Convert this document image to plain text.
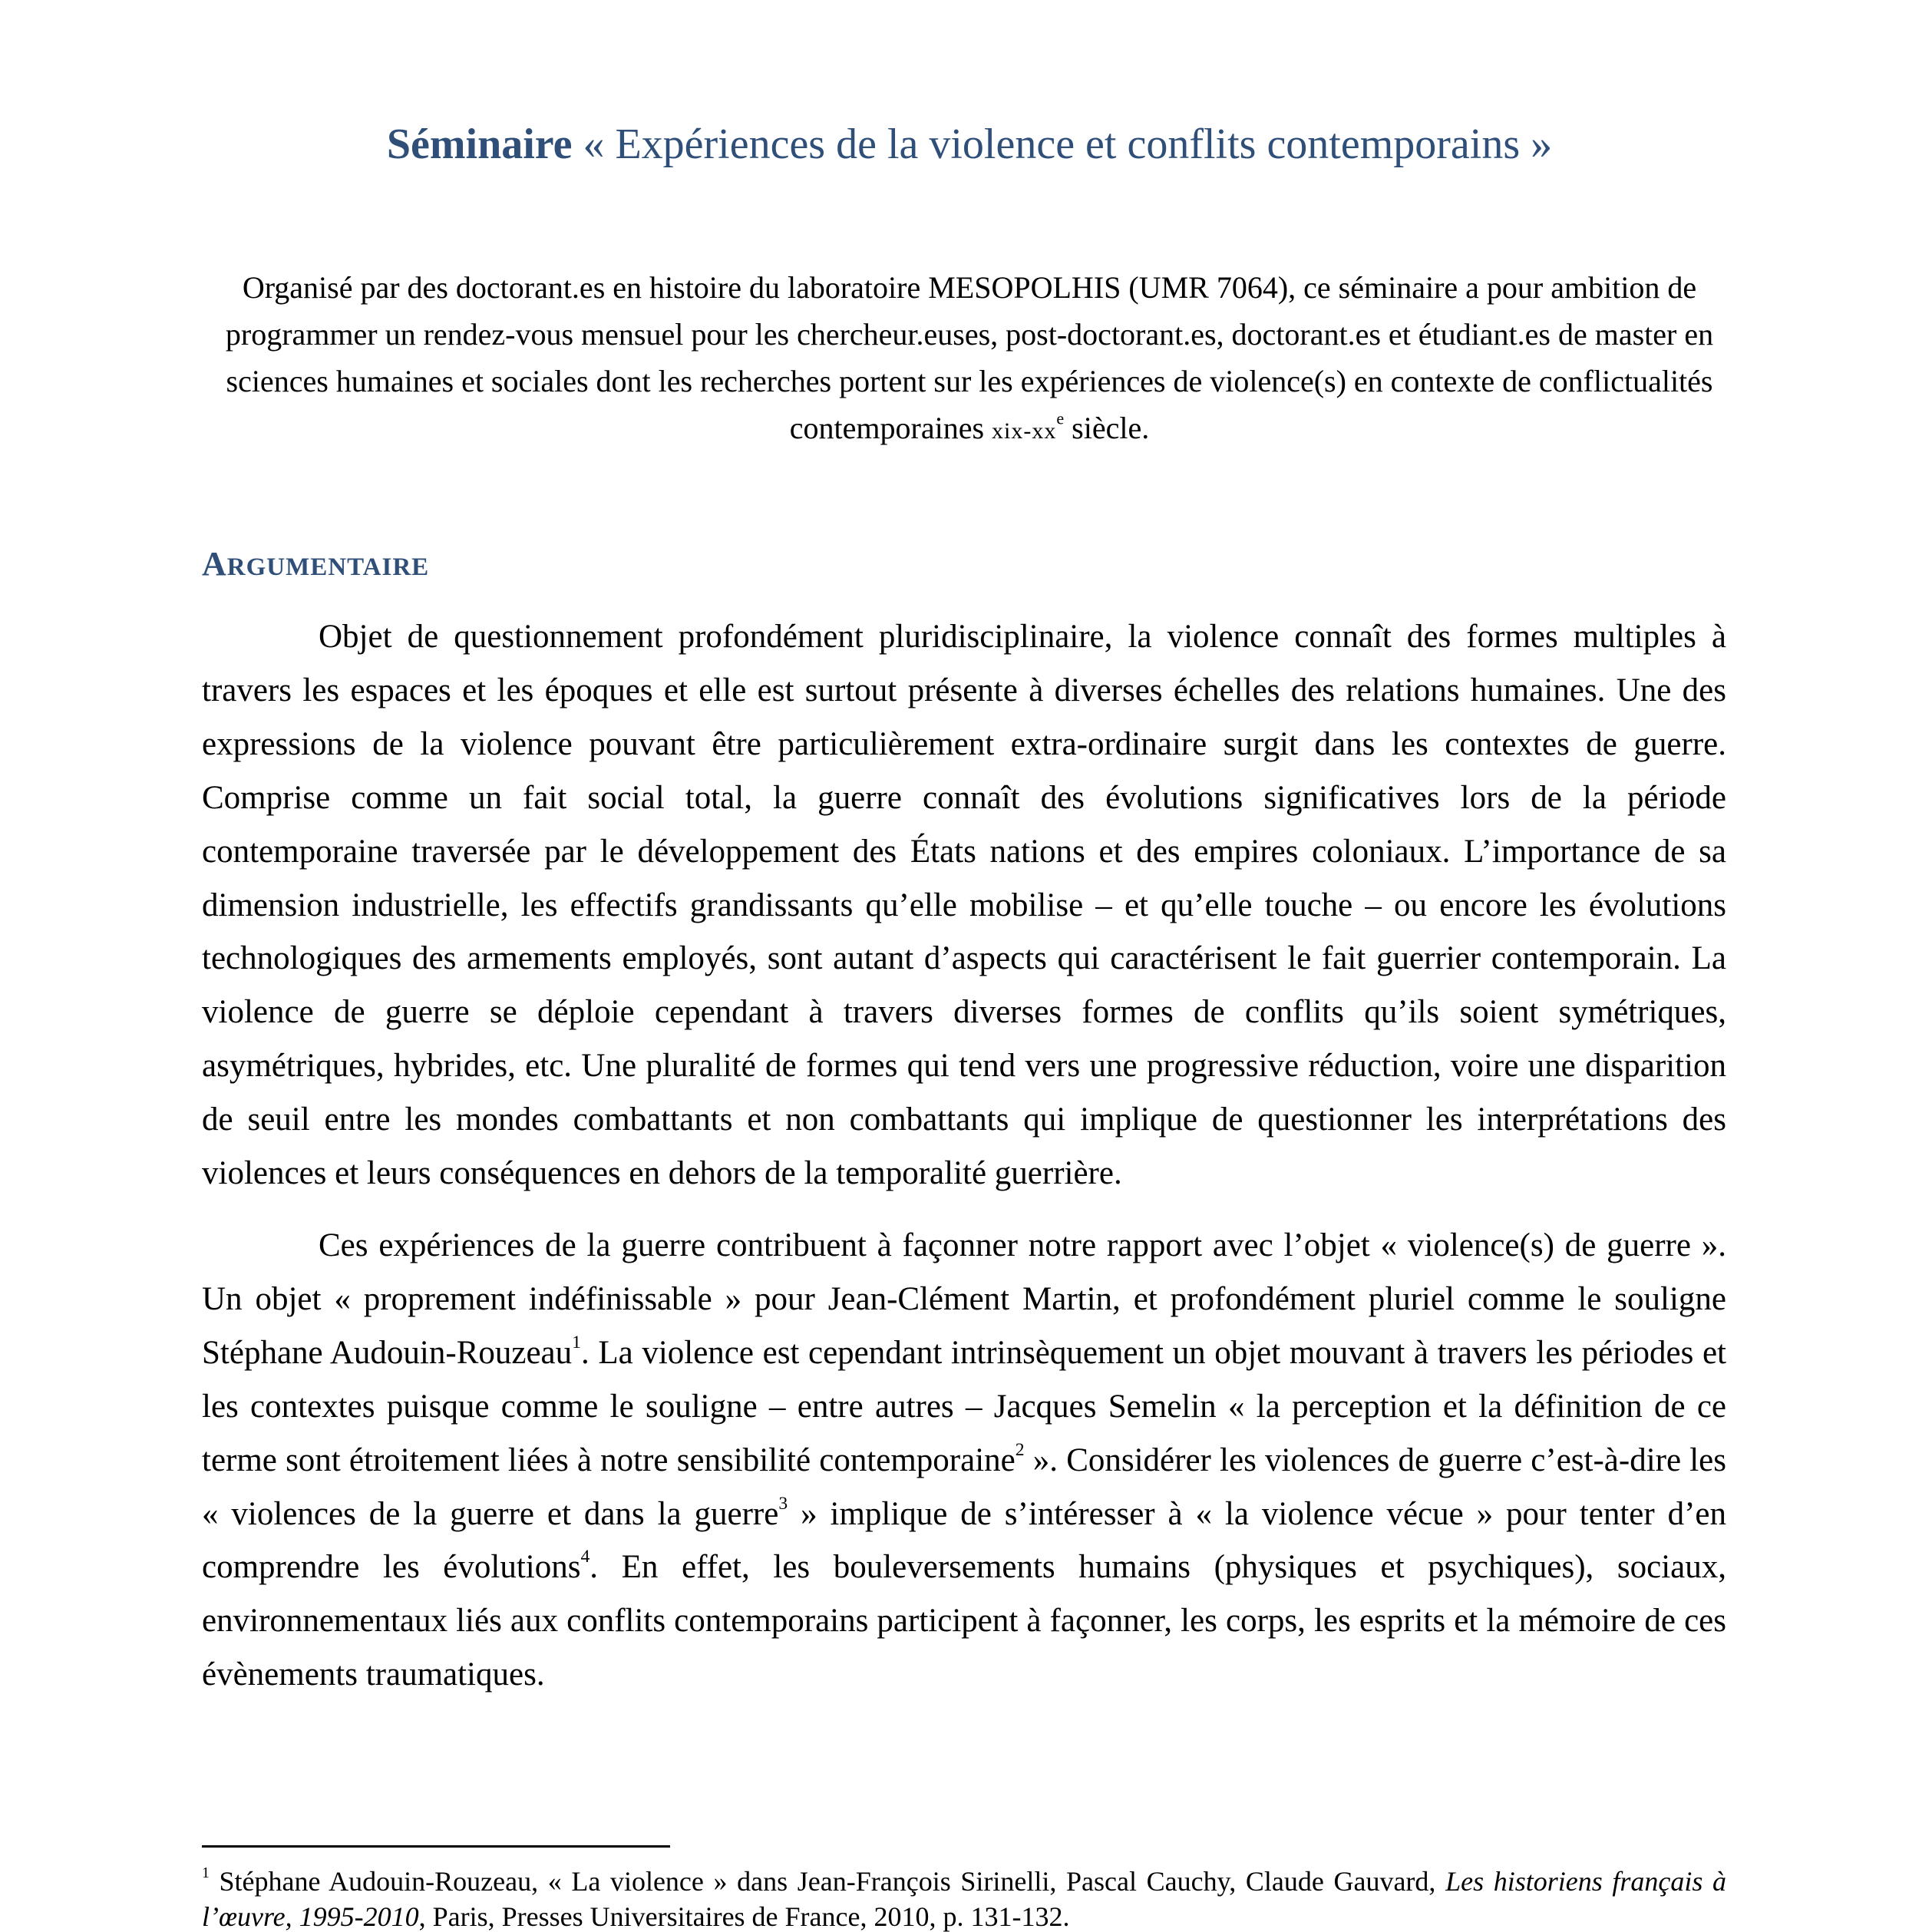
Séminaire « Expériences de la violence et conflits contemporains »
Organisé par des doctorant.es en histoire du laboratoire MESOPOLHIS (UMR 7064), ce séminaire a pour ambition de programmer un rendez-vous mensuel pour les chercheur.euses, post-doctorant.es, doctorant.es et étudiant.es de master en sciences humaines et sociales dont les recherches portent sur les expériences de violence(s) en contexte de conflictualités contemporaines xix-$xx^e$ siècle.
ARGUMENTAIRE

Objet de questionnement profondément pluridisciplinaire, la violence connaît des formes multiples à travers les espaces et les époques et elle est surtout présente à diverses échelles des relations humaines. Une des expressions de la violence pouvant être particulièrement extra-ordinaire surgit dans les contextes de guerre. Comprise comme un fait social total, la guerre connaît des évolutions significatives lors de la période contemporaine traversée par le développement des États nations et des empires coloniaux. L’importance de sa dimension industrielle, les effectifs grandissants qu’elle mobilise – et qu’elle touche – ou encore les évolutions technologiques des armements employés, sont autant d’aspects qui caractérisent le fait guerrier contemporain. La violence de guerre se déploie cependant à travers diverses formes de conflits qu’ils soient symétriques, asymétriques, hybrides, etc. Une pluralité de formes qui tend vers une progressive réduction, voire une disparition de seuil entre les mondes combattants et non combattants qui implique de questionner les interprétations des violences et leurs conséquences en dehors de la temporalité guerrière.

Ces expériences de la guerre contribuent à façonner notre rapport avec l’objet « violence(s) de guerre ». Un objet « proprement indéfinissable » pour Jean-Clément Martin, et profondément pluriel comme le souligne Stéphane Audouin-Rouzeau$^1$. La violence est cependant intrinsèquement un objet mouvant à travers les périodes et les contextes puisque comme le souligne – entre autres – Jacques Semelin « la perception et la définition de ce terme sont étroitement liées à notre sensibilité contemporaine$^2$ ». Considérer les violences de guerre c’est-à-dire les « violences de la guerre et dans la guerre$^3$ » implique de s’intéresser à « la violence vécue » pour tenter d’en comprendre les évolutions$^4$. En effet, les bouleversements humains (physiques et psychiques), sociaux, environnementaux liés aux conflits contemporains participent à façonner, les corps, les esprits et la mémoire de ces évènements traumatiques.

$^1$ Stéphane Audouin-Rouzeau, « La violence » dans Jean-François Sirinelli, Pascal Cauchy, Claude Gauvard, Les historiens français à l’œuvre, 1995-2010, Paris, Presses Universitaires de France, 2010, p. 131-132.
